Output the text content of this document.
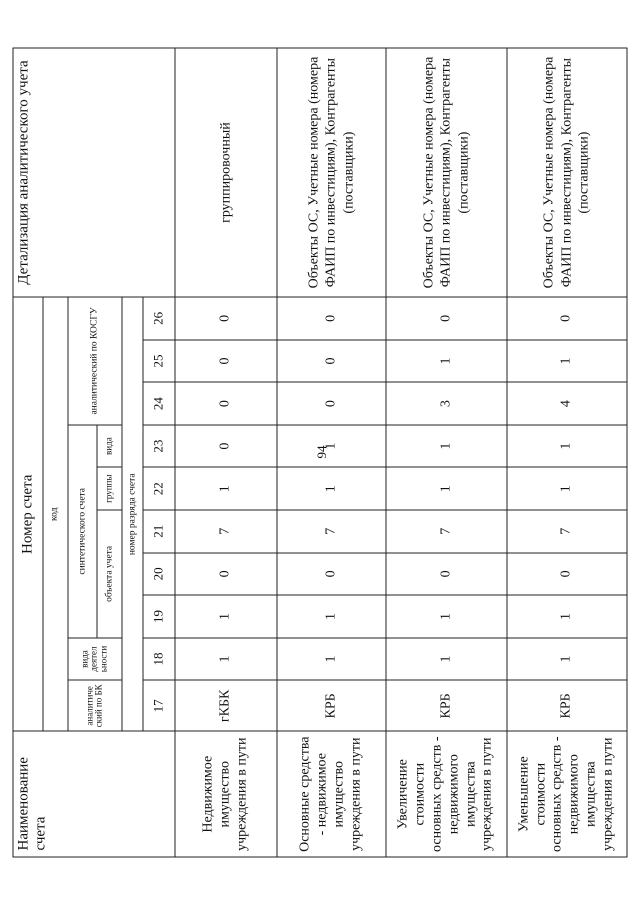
94
Наименование счета	Номер счета										Детализация аналитического учета
	код										
	аналитиче ский по БК	вида деятел ьности	синтетического счета					аналитический по КОСГУ			
			объекта учета			группы	вида				
	номер разряда счета										
	17	18	19	20	21	22	23	24	25	26	
Недвижимое имущество учреждения в пути	гКБК	1	1	0	7	1	0	0	0	0	группировочный
Основные средства - недвижимое имущество учреждения в пути	КРБ	1	1	0	7	1	1	0	0	0	Объекты ОС, Учетные номера (номера ФАИП по инвестициям), Контрагенты (поставщики)
Увеличение стоимости основных средств - недвижимого имущества учреждения в пути	КРБ	1	1	0	7	1	1	3	1	0	Объекты ОС, Учетные номера (номера ФАИП по инвестициям), Контрагенты (поставщики)
Уменьшение стоимости основных средств - недвижимого имущества учреждения в пути	КРБ	1	1	0	7	1	1	4	1	0	Объекты ОС, Учетные номера (номера ФАИП по инвестициям), Контрагенты (поставщики)
